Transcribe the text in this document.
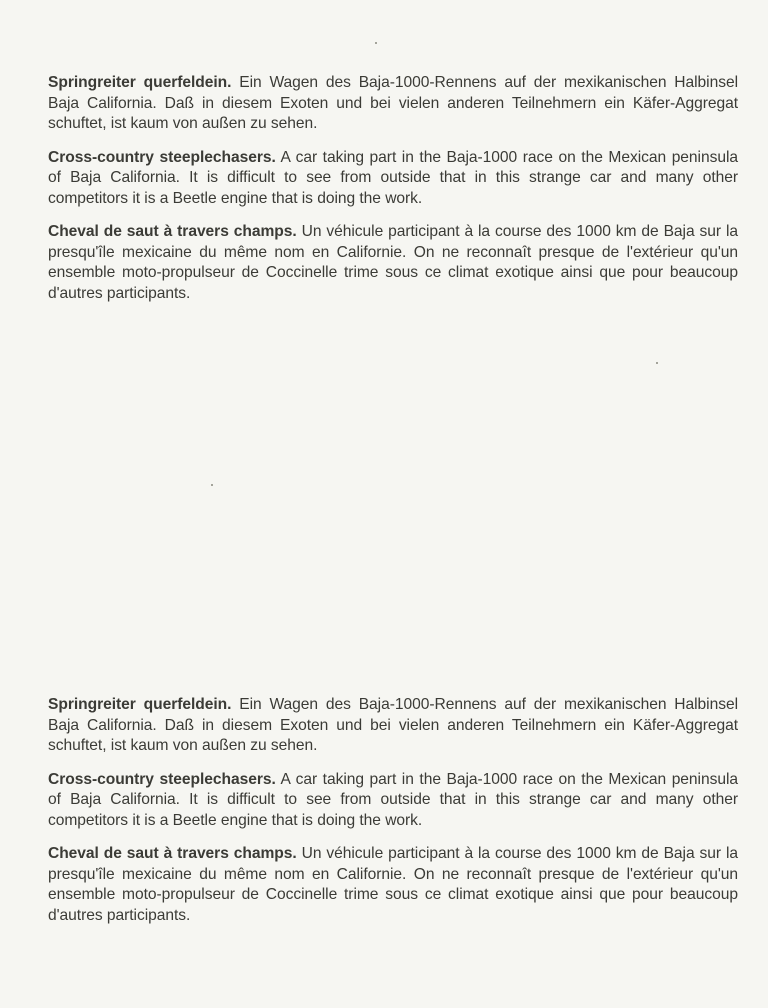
Springreiter querfeldein. Ein Wagen des Baja-1000-Rennens auf der mexikanischen Halbinsel Baja California. Daß in diesem Exoten und bei vielen anderen Teilnehmern ein Käfer-Aggregat schuftet, ist kaum von außen zu sehen.

Cross-country steeplechasers. A car taking part in the Baja-1000 race on the Mexican peninsula of Baja California. It is difficult to see from outside that in this strange car and many other competitors it is a Beetle engine that is doing the work.

Cheval de saut à travers champs. Un véhicule participant à la course des 1000 km de Baja sur la presqu'île mexicaine du même nom en Californie. On ne reconnaît presque de l'extérieur qu'un ensemble moto-propulseur de Coccinelle trime sous ce climat exotique ainsi que pour beaucoup d'autres participants.

Springreiter querfeldein. Ein Wagen des Baja-1000-Rennens auf der mexikanischen Halbinsel Baja California. Daß in diesem Exoten und bei vielen anderen Teilnehmern ein Käfer-Aggregat schuftet, ist kaum von außen zu sehen.

Cross-country steeplechasers. A car taking part in the Baja-1000 race on the Mexican peninsula of Baja California. It is difficult to see from outside that in this strange car and many other competitors it is a Beetle engine that is doing the work.

Cheval de saut à travers champs. Un véhicule participant à la course des 1000 km de Baja sur la presqu'île mexicaine du même nom en Californie. On ne reconnaît presque de l'extérieur qu'un ensemble moto-propulseur de Coccinelle trime sous ce climat exotique ainsi que pour beaucoup d'autres participants.
